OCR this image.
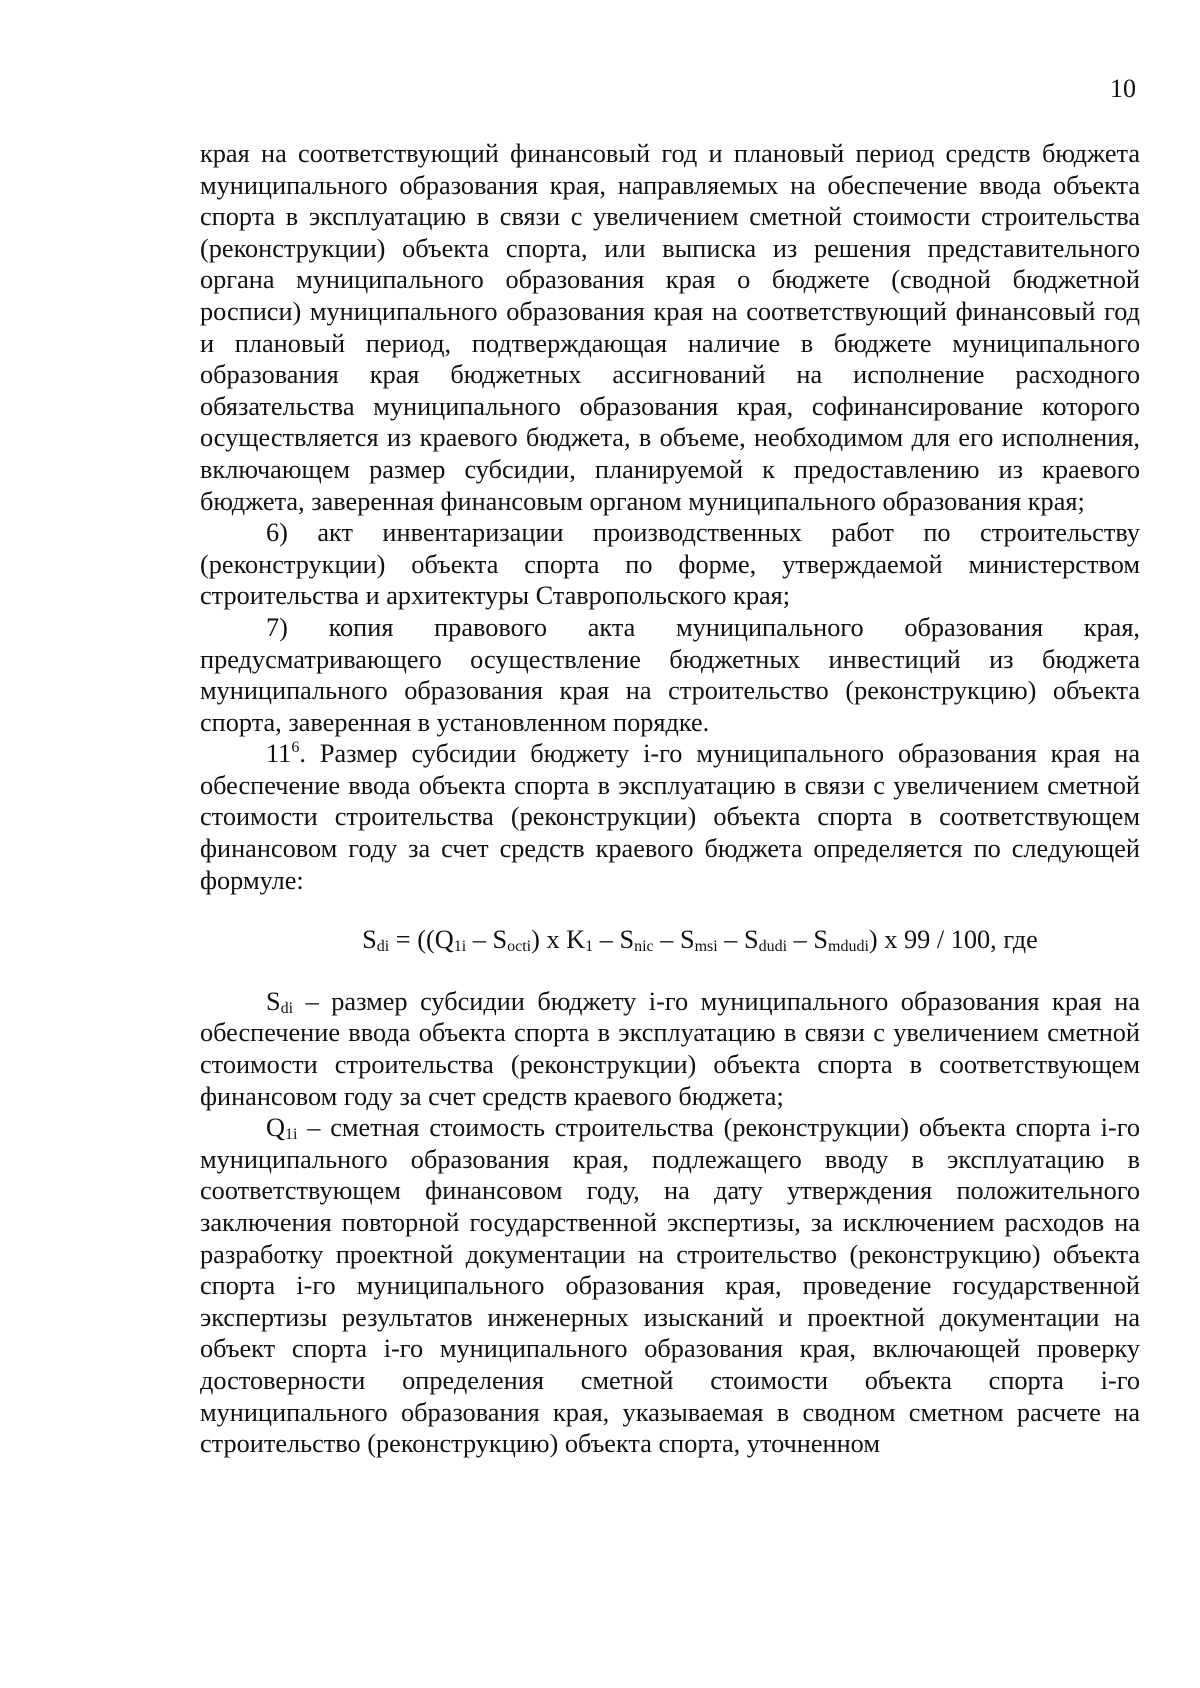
10

края на соответствующий финансовый год и плановый период средств бюджета муниципального образования края, направляемых на обеспечение ввода объекта спорта в эксплуатацию в связи с увеличением сметной стоимости строительства (реконструкции) объекта спорта, или выписка из решения представительного органа муниципального образования края о бюджете (сводной бюджетной росписи) муниципального образования края на соответствующий финансовый год и плановый период, подтверждающая наличие в бюджете муниципального образования края бюджетных ассигнований на исполнение расходного обязательства муниципального образования края, софинансирование которого осуществляется из краевого бюджета, в объеме, необходимом для его исполнения, включающем размер субсидии, планируемой к предоставлению из краевого бюджета, заверенная финансовым органом муниципального образования края;

6) акт инвентаризации производственных работ по строительству (реконструкции) объекта спорта по форме, утверждаемой министерством строительства и архитектуры Ставропольского края;

7) копия правового акта муниципального образования края, предусматривающего осуществление бюджетных инвестиций из бюджета муниципального образования края на строительство (реконструкцию) объекта спорта, заверенная в установленном порядке.

$11^6$. Размер субсидии бюджету i-го муниципального образования края на обеспечение ввода объекта спорта в эксплуатацию в связи с увеличением сметной стоимости строительства (реконструкции) объекта спорта в соответствующем финансовом году за счет средств краевого бюджета определяется по следующей формуле:

$S_{di} = ((Q_{1i} - S_{octi})$ x $K_1 - S_{nic} - S_{msi} - S_{dudi} - S_{mdudi}$) x 99 / 100, где

$S_{di}$ – размер субсидии бюджету i-го муниципального образования края на обеспечение ввода объекта спорта в эксплуатацию в связи с увеличением сметной стоимости строительства (реконструкции) объекта спорта в соответствующем финансовом году за счет средств краевого бюджета;

$Q_{1i}$ – сметная стоимость строительства (реконструкции) объекта спорта i-го муниципального образования края, подлежащего вводу в эксплуатацию в соответствующем финансовом году, на дату утверждения положительного заключения повторной государственной экспертизы, за исключением расходов на разработку проектной документации на строительство (реконструкцию) объекта спорта i-го муниципального образования края, проведение государственной экспертизы результатов инженерных изысканий и проектной документации на объект спорта i-го муниципального образования края, включающей проверку достоверности определения сметной стоимости объекта спорта i-го муниципального образования края, указываемая в сводном сметном расчете на строительство (реконструкцию) объекта спорта, уточненном
